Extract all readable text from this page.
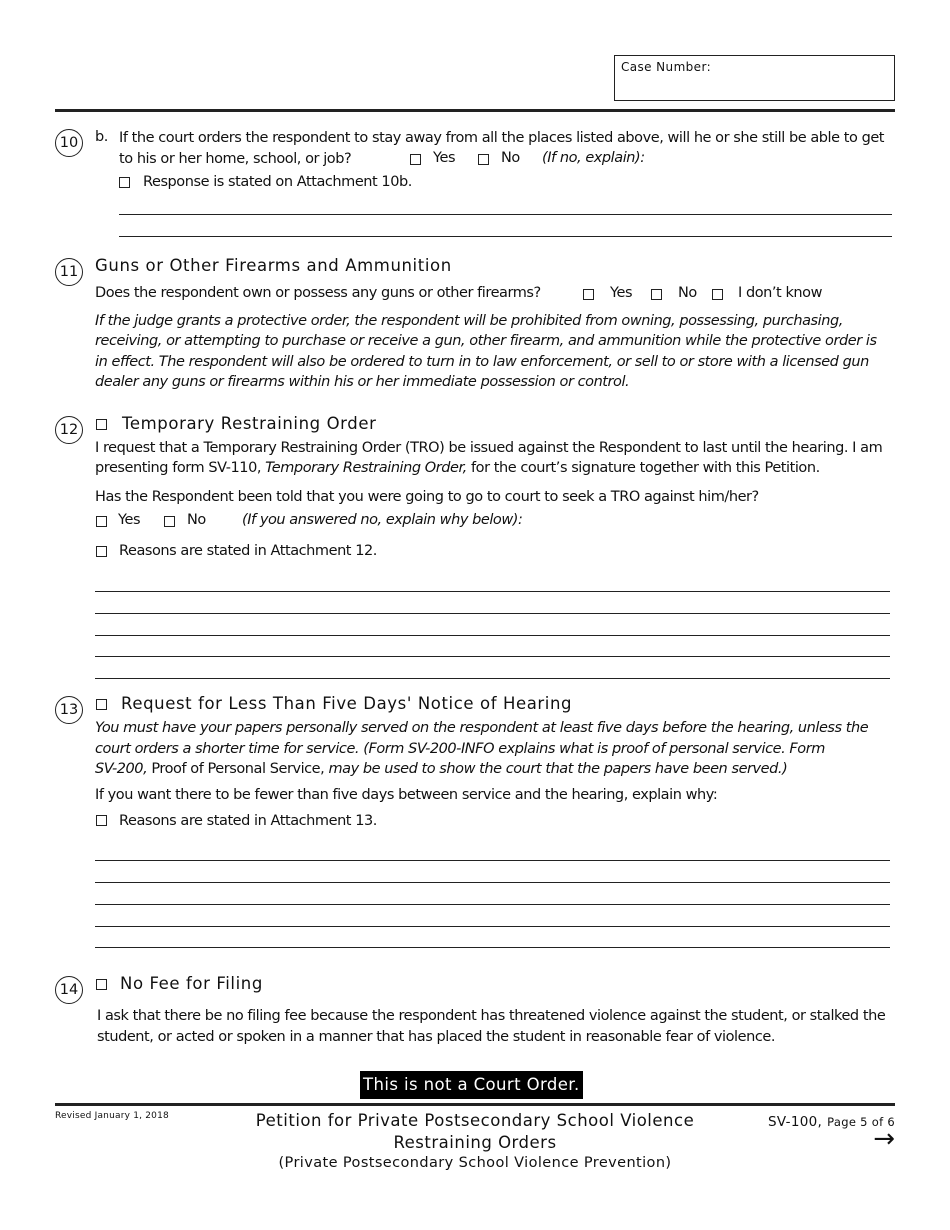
Case Number:
10	b. If the court orders the respondent to stay away from all the places listed above, will he or she still be able to get
to his or her home, school, or job?	Yes	No (If no, explain):
Response is stated on Attachment 10b.
11 Guns or Other Firearms and Ammunition
Does the respondent own or possess any guns or other firearms?	Yes	No	I don’t know
If the judge grants a protective order, the respondent will be prohibited from owning, possessing, purchasing,
receiving, or attempting to purchase or receive a gun, other firearm, and ammunition while the protective order is
in effect. The respondent will also be ordered to turn in to law enforcement, or sell to or store with a licensed gun
dealer any guns or firearms within his or her immediate possession or control.
12	Temporary Restraining Order
I request that a Temporary Restraining Order (TRO) be issued against the Respondent to last until the hearing. I am
presenting form SV-110, Temporary Restraining Order, for the court’s signature together with this Petition.
Has the Respondent been told that you were going to go to court to seek a TRO against him/her?
Yes	No (If you answered no, explain why below):
Reasons are stated in Attachment 12.
13	Request for Less Than Five Days' Notice of Hearing
You must have your papers personally served on the respondent at least five days before the hearing, unless the
court orders a shorter time for service. (Form SV-200-INFO explains what is proof of personal service. Form
SV-200, Proof of Personal Service, may be used to show the court that the papers have been served.)
If you want there to be fewer than five days between service and the hearing, explain why:
Reasons are stated in Attachment 13.
14	No Fee for Filing
I ask that there be no filing fee because the respondent has threatened violence against the student, or stalked the
student, or acted or spoken in a manner that has placed the student in reasonable fear of violence.
This is not a Court Order.
Revised January 1, 2018	Petition for Private Postsecondary School Violence
Restraining Orders
(Private Postsecondary School Violence Prevention)
SV-100, Page 5 of 6
→
